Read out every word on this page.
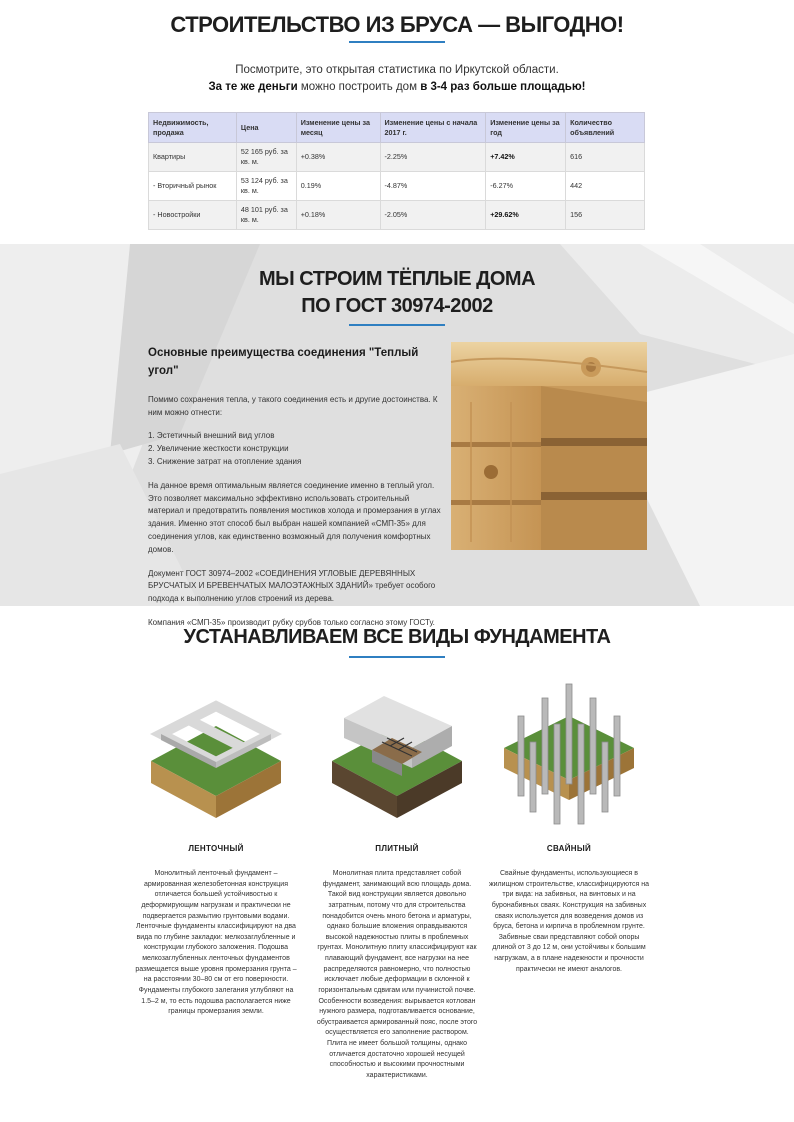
СТРОИТЕЛЬСТВО ИЗ БРУСА — ВЫГОДНО!

Посмотрите, это открытая статистика по Иркутской области.

За те же деньги можно построить дом в 3-4 раз больше площадью!

Недвижимость, продажа	Цена	Изменение цены за месяц	Изменение цены с начала 2017 г.	Изменение цены за год	Количество объявлений
Квартиры	52 165 руб. за кв. м.	+0.38%	-2.25%	+7.42%	616
- Вторичный рынок	53 124 руб. за кв. м.	0.19%	-4.87%	-6.27%	442
- Новостройки	48 101 руб. за кв. м.	+0.18%	-2.05%	+29.62%	156
МЫ СТРОИМ ТЁПЛЫЕ ДОМА
ПО ГОСТ 30974-2002
Основные преимущества соединения "Теплый угол"

Помимо сохранения тепла, у такого соединения есть и другие достоинства. К ним можно отнести:

1. Эстетичный внешний вид углов
2. Увеличение жесткости конструкции
3. Снижение затрат на отопление здания

На данное время оптимальным является соединение именно в теплый угол. Это позволяет максимально эффективно использовать строительный материал и предотвратить появления мостиков холода и промерзания в углах здания. Именно этот способ был выбран нашей компанией «СМП-35» для соединения углов, как единственно возможный для получения комфортных домов.

Документ ГОСТ 30974–2002 «СОЕДИНЕНИЯ УГЛОВЫЕ ДЕРЕВЯННЫХ БРУСЧАТЫХ И БРЕВЕНЧАТЫХ МАЛОЭТАЖНЫХ ЗДАНИЙ» требует особого подхода к выполнению углов строений из дерева.

Компания «СМП-35» производит рубку срубов только согласно этому ГОСТу.

УСТАНАВЛИВАЕМ ВСЕ ВИДЫ ФУНДАМЕНТА
ЛЕНТОЧНЫЙ
Монолитный ленточный фундамент – армированная железобетонная конструкция отличается большей устойчивостью к деформирующим нагрузкам и практически не подвергается размытию грунтовыми водами. Ленточные фундаменты классифицируют на два вида по глубине закладки: мелкозаглубленные и конструкции глубокого заложения. Подошва мелкозаглубленных ленточных фундаментов размещается выше уровня промерзания грунта – на расстоянии 30–80 см от его поверхности. Фундаменты глубокого залегания углубляют на 1.5–2 м, то есть подошва располагается ниже границы промерзания земли.
ПЛИТНЫЙ
Монолитная плита представляет собой фундамент, занимающий всю площадь дома. Такой вид конструкции является довольно затратным, потому что для строительства понадобится очень много бетона и арматуры, однако большие вложения оправдываются высокой надежностью плиты в проблемных грунтах. Монолитную плиту классифицируют как плавающий фундамент, все нагрузки на нее распределяются равномерно, что полностью исключает любые деформации в склонной к горизонтальным сдвигам или пучинистой почве. Особенности возведения: вырывается котлован нужного размера, подготавливается основание, обустраивается армированный пояс, после этого осуществляется его заполнение раствором. Плита не имеет большой толщины, однако отличается достаточно хорошей несущей способностью и высокими прочностными характеристиками.
СВАЙНЫЙ
Свайные фундаменты, использующиеся в жилищном строительстве, классифицируются на три вида: на забивных, на винтовых и на буронабивных сваях. Конструкция на забивных сваях используется для возведения домов из бруса, бетона и кирпича в проблемном грунте. Забивные сваи представляют собой опоры длиной от 3 до 12 м, они устойчивы к большим нагрузкам, а в плане надежности и прочности практически не имеют аналогов.
